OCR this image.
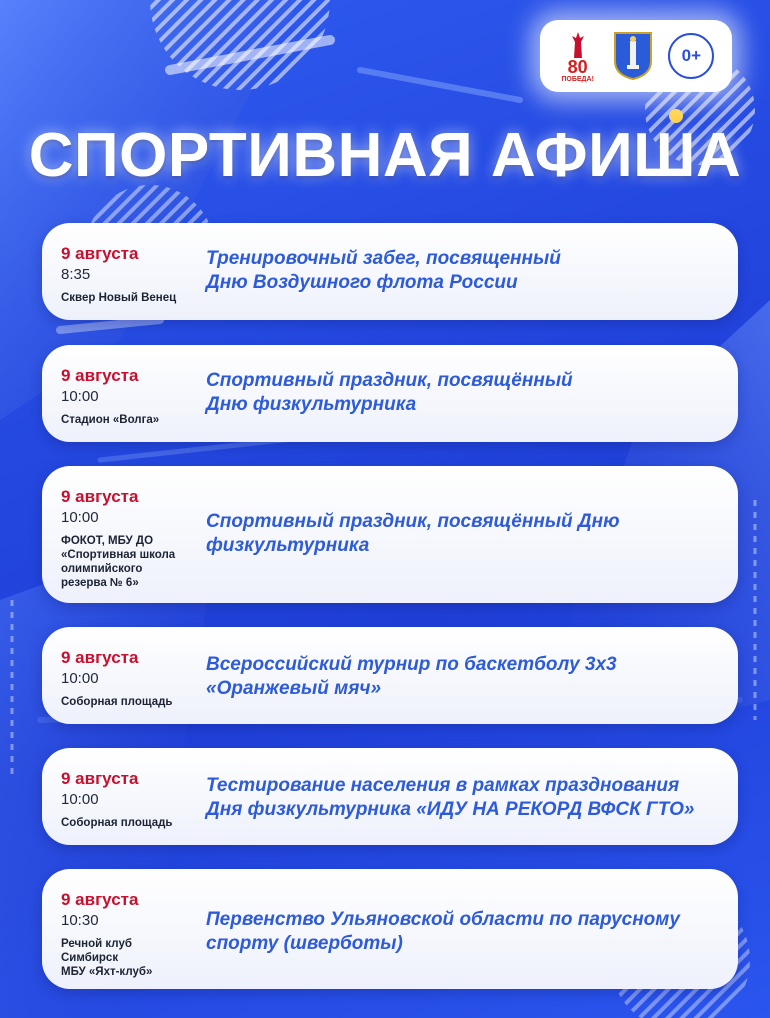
80
ПОБЕДА!
0+
СПОРТИВНАЯ АФИША
9 августа
8:35
Сквер Новый Венец
Тренировочный забег, посвященный
Дню Воздушного флота России
9 августа
10:00
Стадион «Волга»
Спортивный праздник, посвящённый
Дню физкультурника
9 августа
10:00
ФОКОТ, МБУ ДО
«Спортивная школа
олимпийского
резерва № 6»
Спортивный праздник, посвящённый Дню
физкультурника
9 августа
10:00
Соборная площадь
Всероссийский турнир по баскетболу 3х3
«Оранжевый мяч»
9 августа
10:00
Соборная площадь
Тестирование населения в рамках празднования
Дня физкультурника «ИДУ НА РЕКОРД ВФСК ГТО»
9 августа
10:30
Речной клуб
Симбирск
МБУ «Яхт-клуб»
Первенство Ульяновской области по парусному
спорту (шверботы)
